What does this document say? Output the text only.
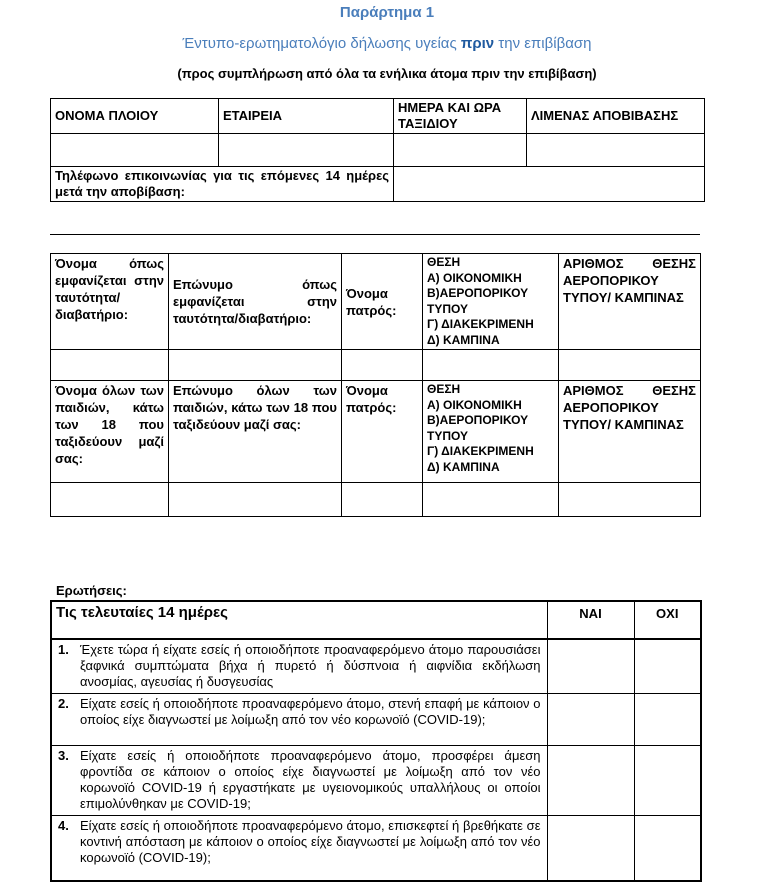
Παράρτημα 1
Έντυπο-ερωτηματολόγιο δήλωσης υγείας πριν την επιβίβαση
(προς συμπλήρωση από όλα τα ενήλικα άτομα πριν την επιβίβαση)
ΟΝΟΜΑ ΠΛΟΙΟΥ	ΕΤΑΙΡΕΙΑ	ΗΜΕΡΑ ΚΑΙ ΩΡΑ ΤΑΞΙΔΙΟΥ	ΛΙΜΕΝΑΣ ΑΠΟΒΙΒΑΣΗΣ

Τηλέφωνο επικοινωνίας για τις επόμενες 14 ημέρες μετά την αποβίβαση:			
Όνομα όπως εμφανίζεται στην ταυτότητα/ διαβατήριο:	Επώνυμο όπως εμφανίζεται στην ταυτότητα/διαβατήριο:	Όνομα πατρός:	ΘΕΣΗ
Α) ΟΙΚΟΝΟΜΙΚΗ
Β)ΑΕΡΟΠΟΡΙΚΟΥ ΤΥΠΟΥ
Γ) ΔΙΑΚΕΚΡΙΜΕΝΗ
Δ) ΚΑΜΠΙΝΑ	ΑΡΙΘΜΟΣ ΘΕΣΗΣ ΑΕΡΟΠΟΡΙΚΟΥ ΤΥΠΟΥ/ ΚΑΜΠΙΝΑΣ

Όνομα όλων των παιδιών, κάτω των 18 που ταξιδεύουν μαζί σας:	Επώνυμο όλων των παιδιών, κάτω των 18 που ταξιδεύουν μαζί σας:	Όνομα πατρός:	ΘΕΣΗ
Α) ΟΙΚΟΝΟΜΙΚΗ
Β)ΑΕΡΟΠΟΡΙΚΟΥ ΤΥΠΟΥ
Γ) ΔΙΑΚΕΚΡΙΜΕΝΗ
Δ) ΚΑΜΠΙΝΑ	ΑΡΙΘΜΟΣ ΘΕΣΗΣ ΑΕΡΟΠΟΡΙΚΟΥ ΤΥΠΟΥ/ ΚΑΜΠΙΝΑΣ

Ερωτήσεις:
Τις τελευταίες 14 ημέρες	ΝΑΙ	ΟΧΙ

1. Έχετε τώρα ή είχατε εσείς ή οποιοδήποτε προαναφερόμενο άτομο παρουσιάσει ξαφνικά συμπτώματα βήχα ή πυρετό ή δύσπνοια ή αιφνίδια εκδήλωση ανοσμίας, αγευσίας ή δυσγευσίας		

2. Είχατε εσείς ή οποιοδήποτε προαναφερόμενο άτομο, στενή επαφή με κάποιον ο οποίος είχε διαγνωστεί με λοίμωξη από τον νέο κορωνοϊό (COVID-19);		

3. Είχατε εσείς ή οποιοδήποτε προαναφερόμενο άτομο, προσφέρει άμεση φροντίδα σε κάποιον ο οποίος είχε διαγνωστεί με λοίμωξη από τον νέο κορωνοϊό COVID-19 ή εργαστήκατε με υγειονομικούς υπαλλήλους οι οποίοι επιμολύνθηκαν με COVID-19;		

4. Είχατε εσείς ή οποιοδήποτε προαναφερόμενο άτομο, επισκεφτεί ή βρεθήκατε σε κοντινή απόσταση με κάποιον ο οποίος είχε διαγνωστεί με λοίμωξη από τον νέο κορωνοϊό (COVID-19);		
